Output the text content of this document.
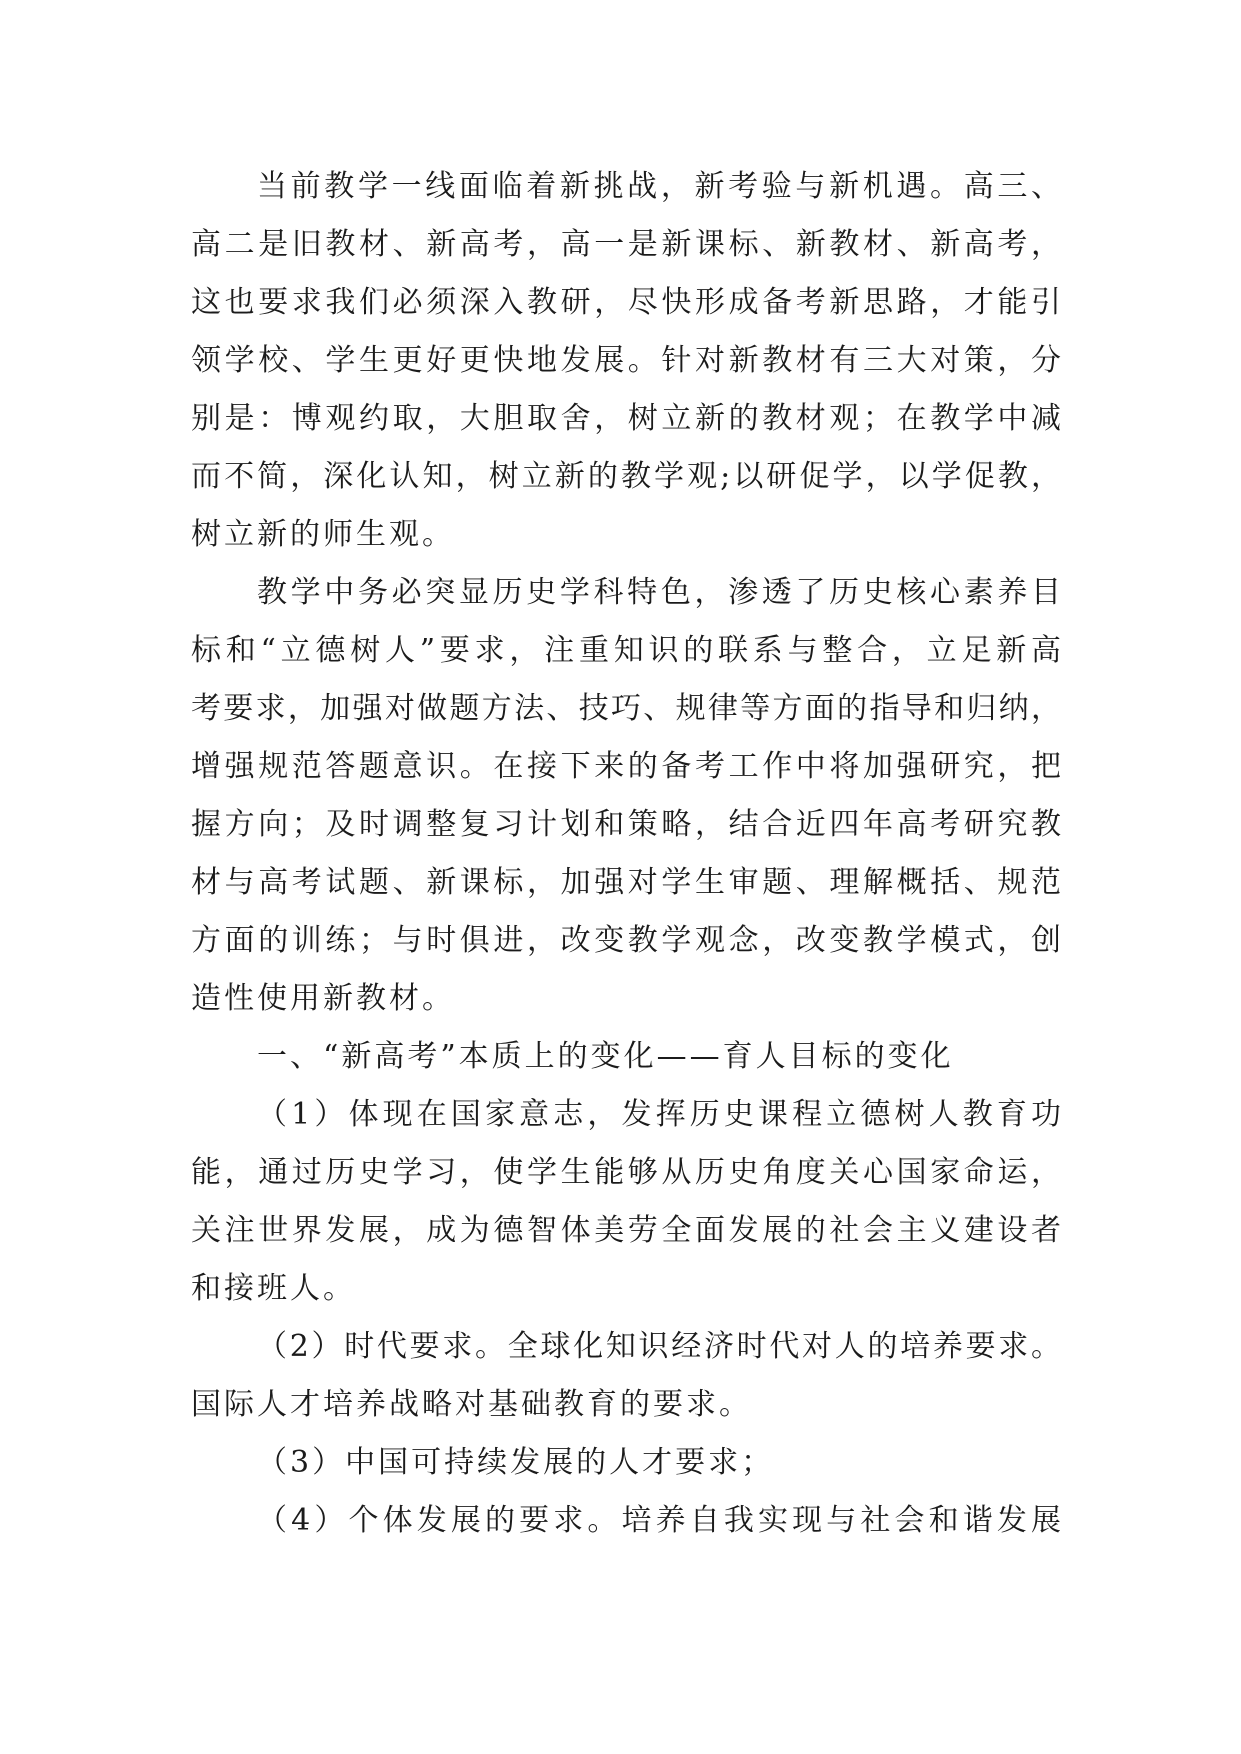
当前教学一线面临着新挑战，新考验与新机遇。高三、
高二是旧教材、新高考，高一是新课标、新教材、新高考，
这也要求我们必须深入教研，尽快形成备考新思路，才能引
领学校、学生更好更快地发展。针对新教材有三大对策，分
别是：博观约取，大胆取舍，树立新的教材观；在教学中减
而不简，深化认知，树立新的教学观;以研促学，以学促教，
树立新的师生观。
教学中务必突显历史学科特色，渗透了历史核心素养目
标和“立德树人”要求，注重知识的联系与整合，立足新高
考要求，加强对做题方法、技巧、规律等方面的指导和归纳，
增强规范答题意识。在接下来的备考工作中将加强研究，把
握方向；及时调整复习计划和策略，结合近四年高考研究教
材与高考试题、新课标，加强对学生审题、理解概括、规范
方面的训练；与时俱进，改变教学观念，改变教学模式，创
造性使用新教材。
一、“新高考”本质上的变化——育人目标的变化
（1）体现在国家意志，发挥历史课程立德树人教育功
能，通过历史学习，使学生能够从历史角度关心国家命运，
关注世界发展，成为德智体美劳全面发展的社会主义建设者
和接班人。
（2）时代要求。全球化知识经济时代对人的培养要求。
国际人才培养战略对基础教育的要求。
（3）中国可持续发展的人才要求；
（4）个体发展的要求。培养自我实现与社会和谐发展
